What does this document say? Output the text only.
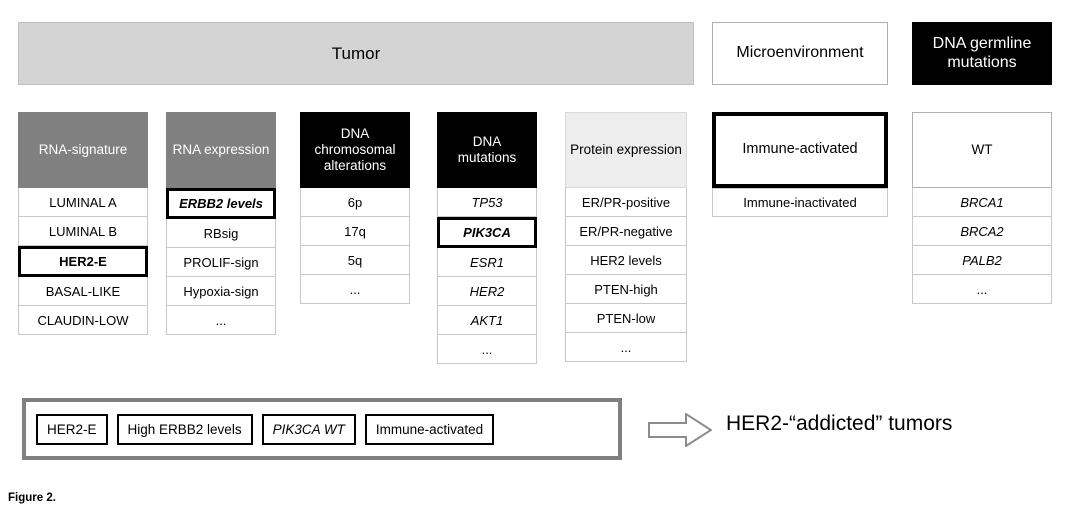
Tumor	Microenvironment
DNA germline mutations
RNA-signature
LUMINAL A
LUMINAL B
HER2-E
BASAL-LIKE
CLAUDIN-LOW
RNA expression
ERBB2 levels
RBsig
PROLIF-sign
Hypoxia-sign
...
DNA chromosomal alterations
6p
17q
5q
...
DNA mutations
TP53
PIK3CA
ESR1
HER2
AKT1
...
Protein expression
ER/PR-positive
ER/PR-negative
HER2 levels
PTEN-high
PTEN-low
...
Immune-activated
Immune-inactivated
WT
BRCA1
BRCA2
PALB2
...
HER2-E High ERBB2 levels PIK3CA WT Immune-activated	HER2-“addicted” tumors
Figure 2.
